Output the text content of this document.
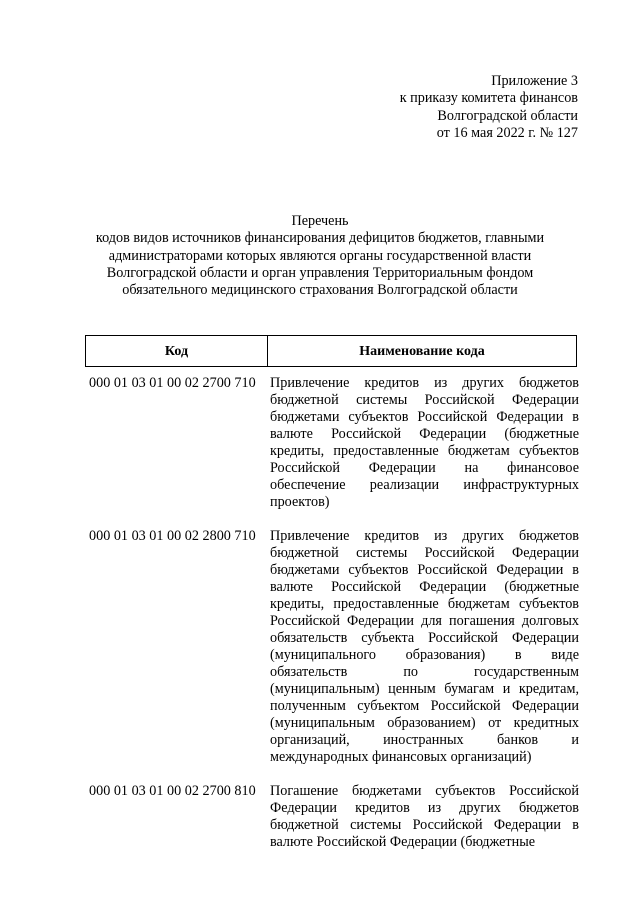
Приложение 3
к приказу комитета финансов
Волгоградской области
от 16 мая 2022 г. № 127
Перечень
кодов видов источников финансирования дефицитов бюджетов, главными
администраторами которых являются органы государственной власти
Волгоградской области и орган управления Территориальным фондом
обязательного медицинского страхования Волгоградской области
Код	Наименование кода
000 01 03 01 00 02 2700 710	Привлечение кредитов из других бюджетов бюджетной системы Российской Федерации бюджетами субъектов Российской Федерации в валюте Российской Федерации (бюджетные кредиты, предоставленные бюджетам субъектов Российской Федерации на финансовое обеспечение реализации инфраструктурных проектов)
000 01 03 01 00 02 2800 710	Привлечение кредитов из других бюджетов бюджетной системы Российской Федерации бюджетами субъектов Российской Федерации в валюте Российской Федерации (бюджетные кредиты, предоставленные бюджетам субъектов Российской Федерации для погашения долговых обязательств субъекта Российской Федерации (муниципального образования) в виде обязательств по государственным (муниципальным) ценным бумагам и кредитам, полученным субъектом Российской Федерации (муниципальным образованием) от кредитных организаций, иностранных банков и международных финансовых организаций)
000 01 03 01 00 02 2700 810	Погашение бюджетами субъектов Российской Федерации кредитов из других бюджетов бюджетной системы Российской Федерации в валюте Российской Федерации (бюджетные
